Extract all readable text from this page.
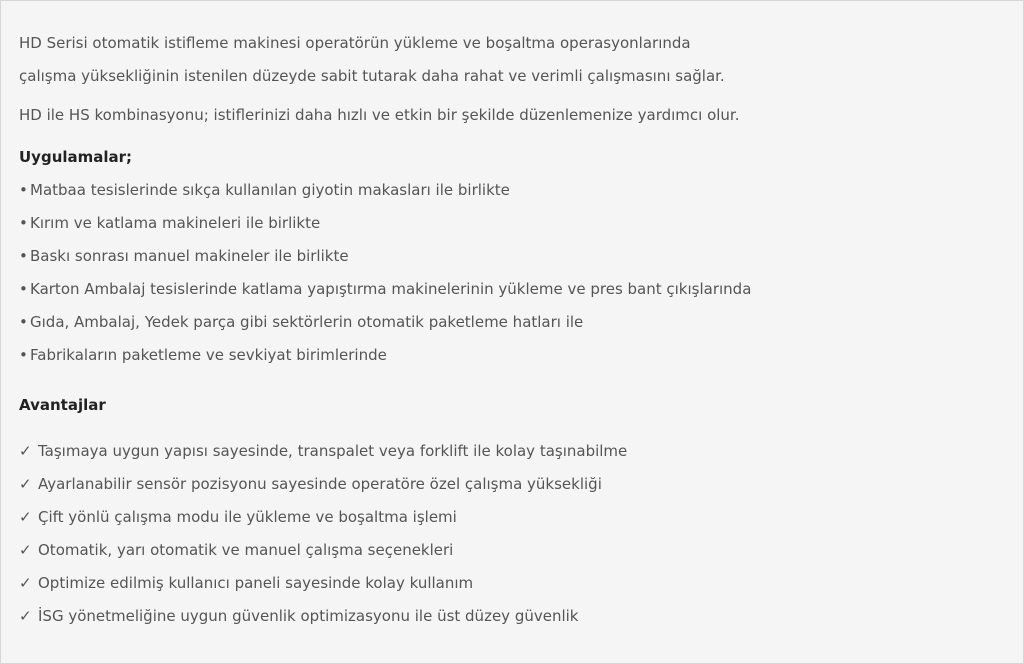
HD Serisi otomatik istifleme makinesi operatörün yükleme ve boşaltma operasyonlarında
çalışma yüksekliğinin istenilen düzeyde sabit tutarak daha rahat ve verimli çalışmasını sağlar.

HD ile HS kombinasyonu; istiflerinizi daha hızlı ve etkin bir şekilde düzenlemenize yardımcı olur.

Uygulamalar;
• Matbaa tesislerinde sıkça kullanılan giyotin makasları ile birlikte
• Kırım ve katlama makineleri ile birlikte
• Baskı sonrası manuel makineler ile birlikte
• Karton Ambalaj tesislerinde katlama yapıştırma makinelerinin yükleme ve pres bant çıkışlarında
• Gıda, Ambalaj, Yedek parça gibi sektörlerin otomatik paketleme hatları ile
• Fabrikaların paketleme ve sevkiyat birimlerinde
Avantajlar
✓ Taşımaya uygun yapısı sayesinde, transpalet veya forklift ile kolay taşınabilme
✓ Ayarlanabilir sensör pozisyonu sayesinde operatöre özel çalışma yüksekliği
✓ Çift yönlü çalışma modu ile yükleme ve boşaltma işlemi
✓ Otomatik, yarı otomatik ve manuel çalışma seçenekleri
✓ Optimize edilmiş kullanıcı paneli sayesinde kolay kullanım
✓ İSG yönetmeliğine uygun güvenlik optimizasyonu ile üst düzey güvenlik
